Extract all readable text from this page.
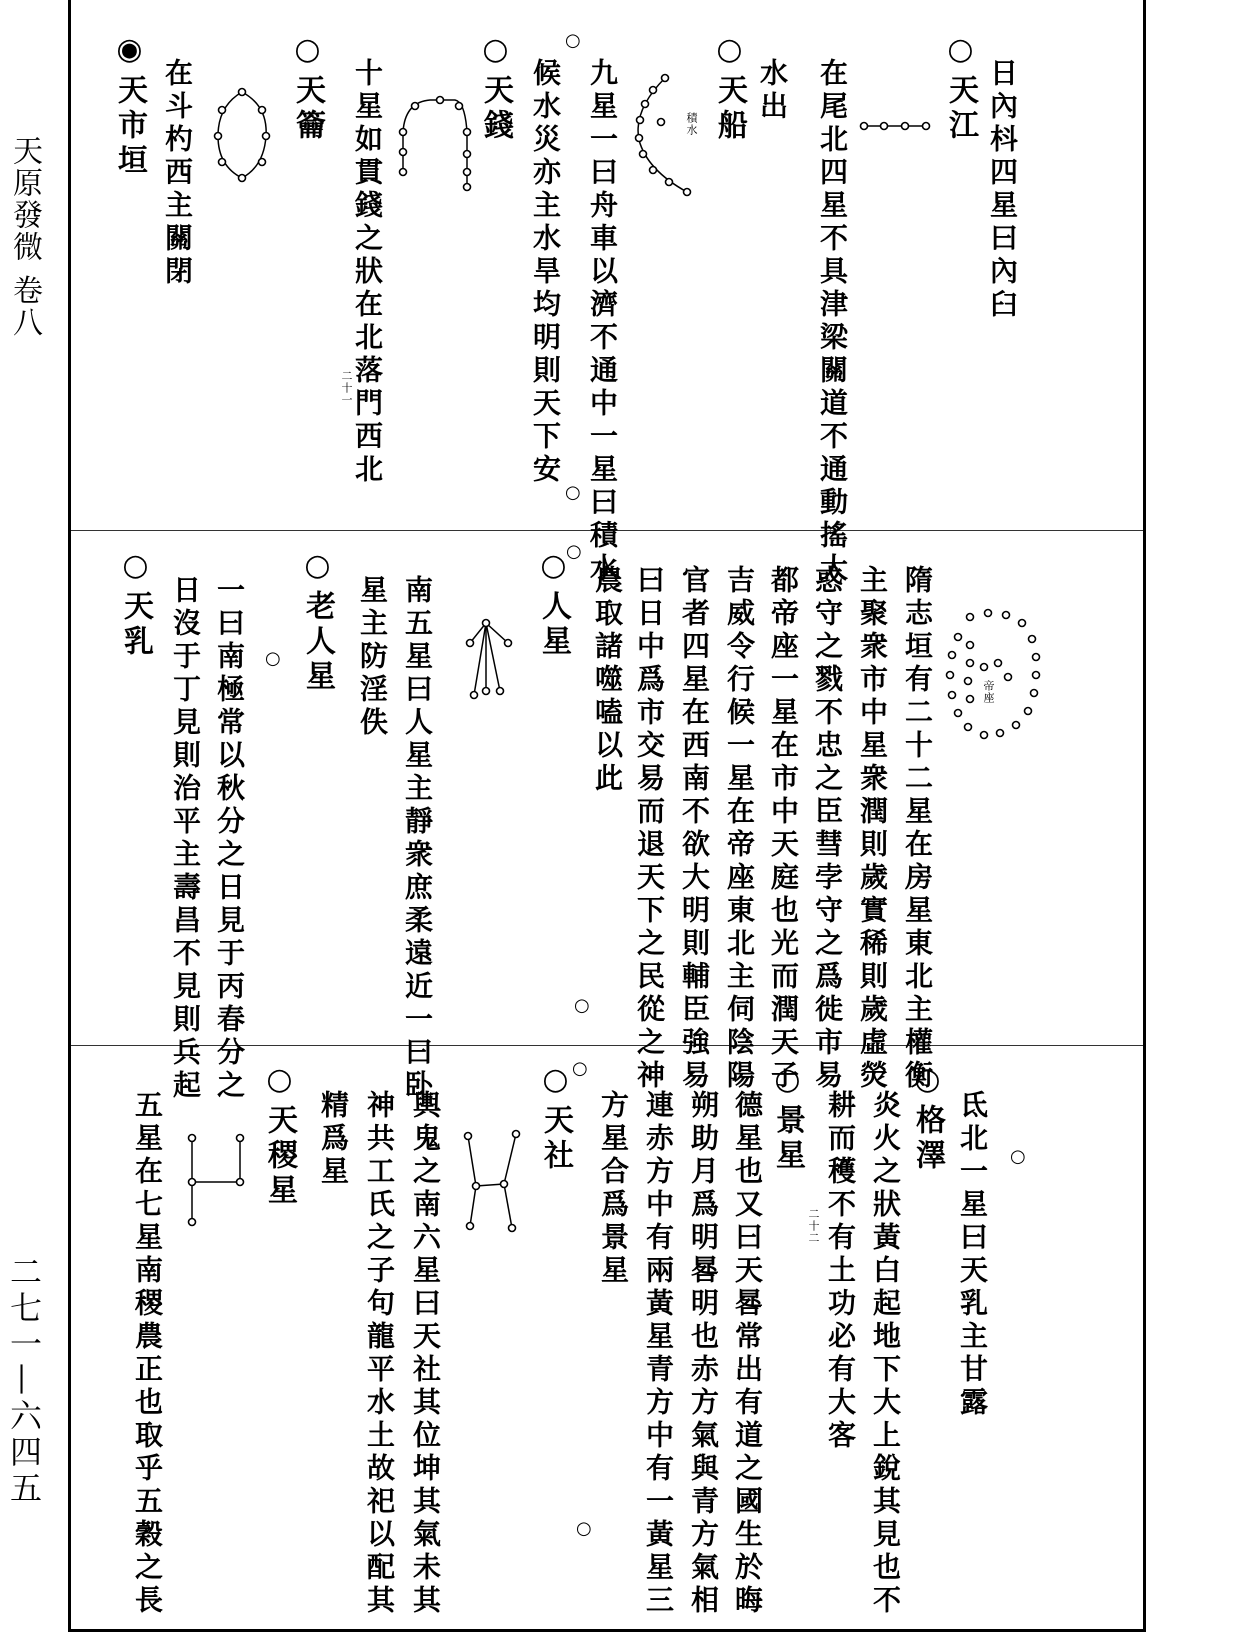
天原發微 卷八
二七一—六四五
日內枓四星曰內臼
○ 天江
在尾北四星不具津梁關道不通動搖大
水出
○ 天船
九星一曰舟車以濟不通中一星曰積水
候水災亦主水旱均明則天下安
○ 天錢
十星如貫錢之狀在北落門西北
○ 天籥
在斗杓西主關閉
◉ 天市垣	積水
二十一
○
○
隋志垣有二十二星在房星東北主權衡
主聚衆市中星衆潤則歲實稀則歲虛熒
惑守之戮不忠之臣彗孛守之爲徙市易
都帝座一星在市中天庭也光而潤天子
吉威令行候一星在帝座東北主伺陰陽
官者四星在西南不欲大明則輔臣強易
曰日中爲市交易而退天下之民從之神
農取諸噬嗑以此
○ 人星
南五星曰人星主靜衆庶柔遠近一曰卧
星主防淫佚
○ 老人星
一曰南極常以秋分之日見于丙春分之
日沒于丁見則治平主壽昌不見則兵起
○ 天乳
帝座
○
○
○
氐北一星曰天乳主甘露
○ 格澤
炎火之狀黃白起地下大上銳其見也不
耕而穫不有土功必有大客
○ 景星
德星也又曰天晷常出有道之國生於晦
朔助月爲明晷明也赤方氣與青方氣相
連赤方中有兩黃星青方中有一黃星三
方星合爲景星
○ 天社
輿鬼之南六星曰天社其位坤其氣未其
神共工氏之子句龍平水土故祀以配其
精爲星
○ 天稷星
五星在七星南稷農正也取乎五穀之長	二十二
○
○
○
